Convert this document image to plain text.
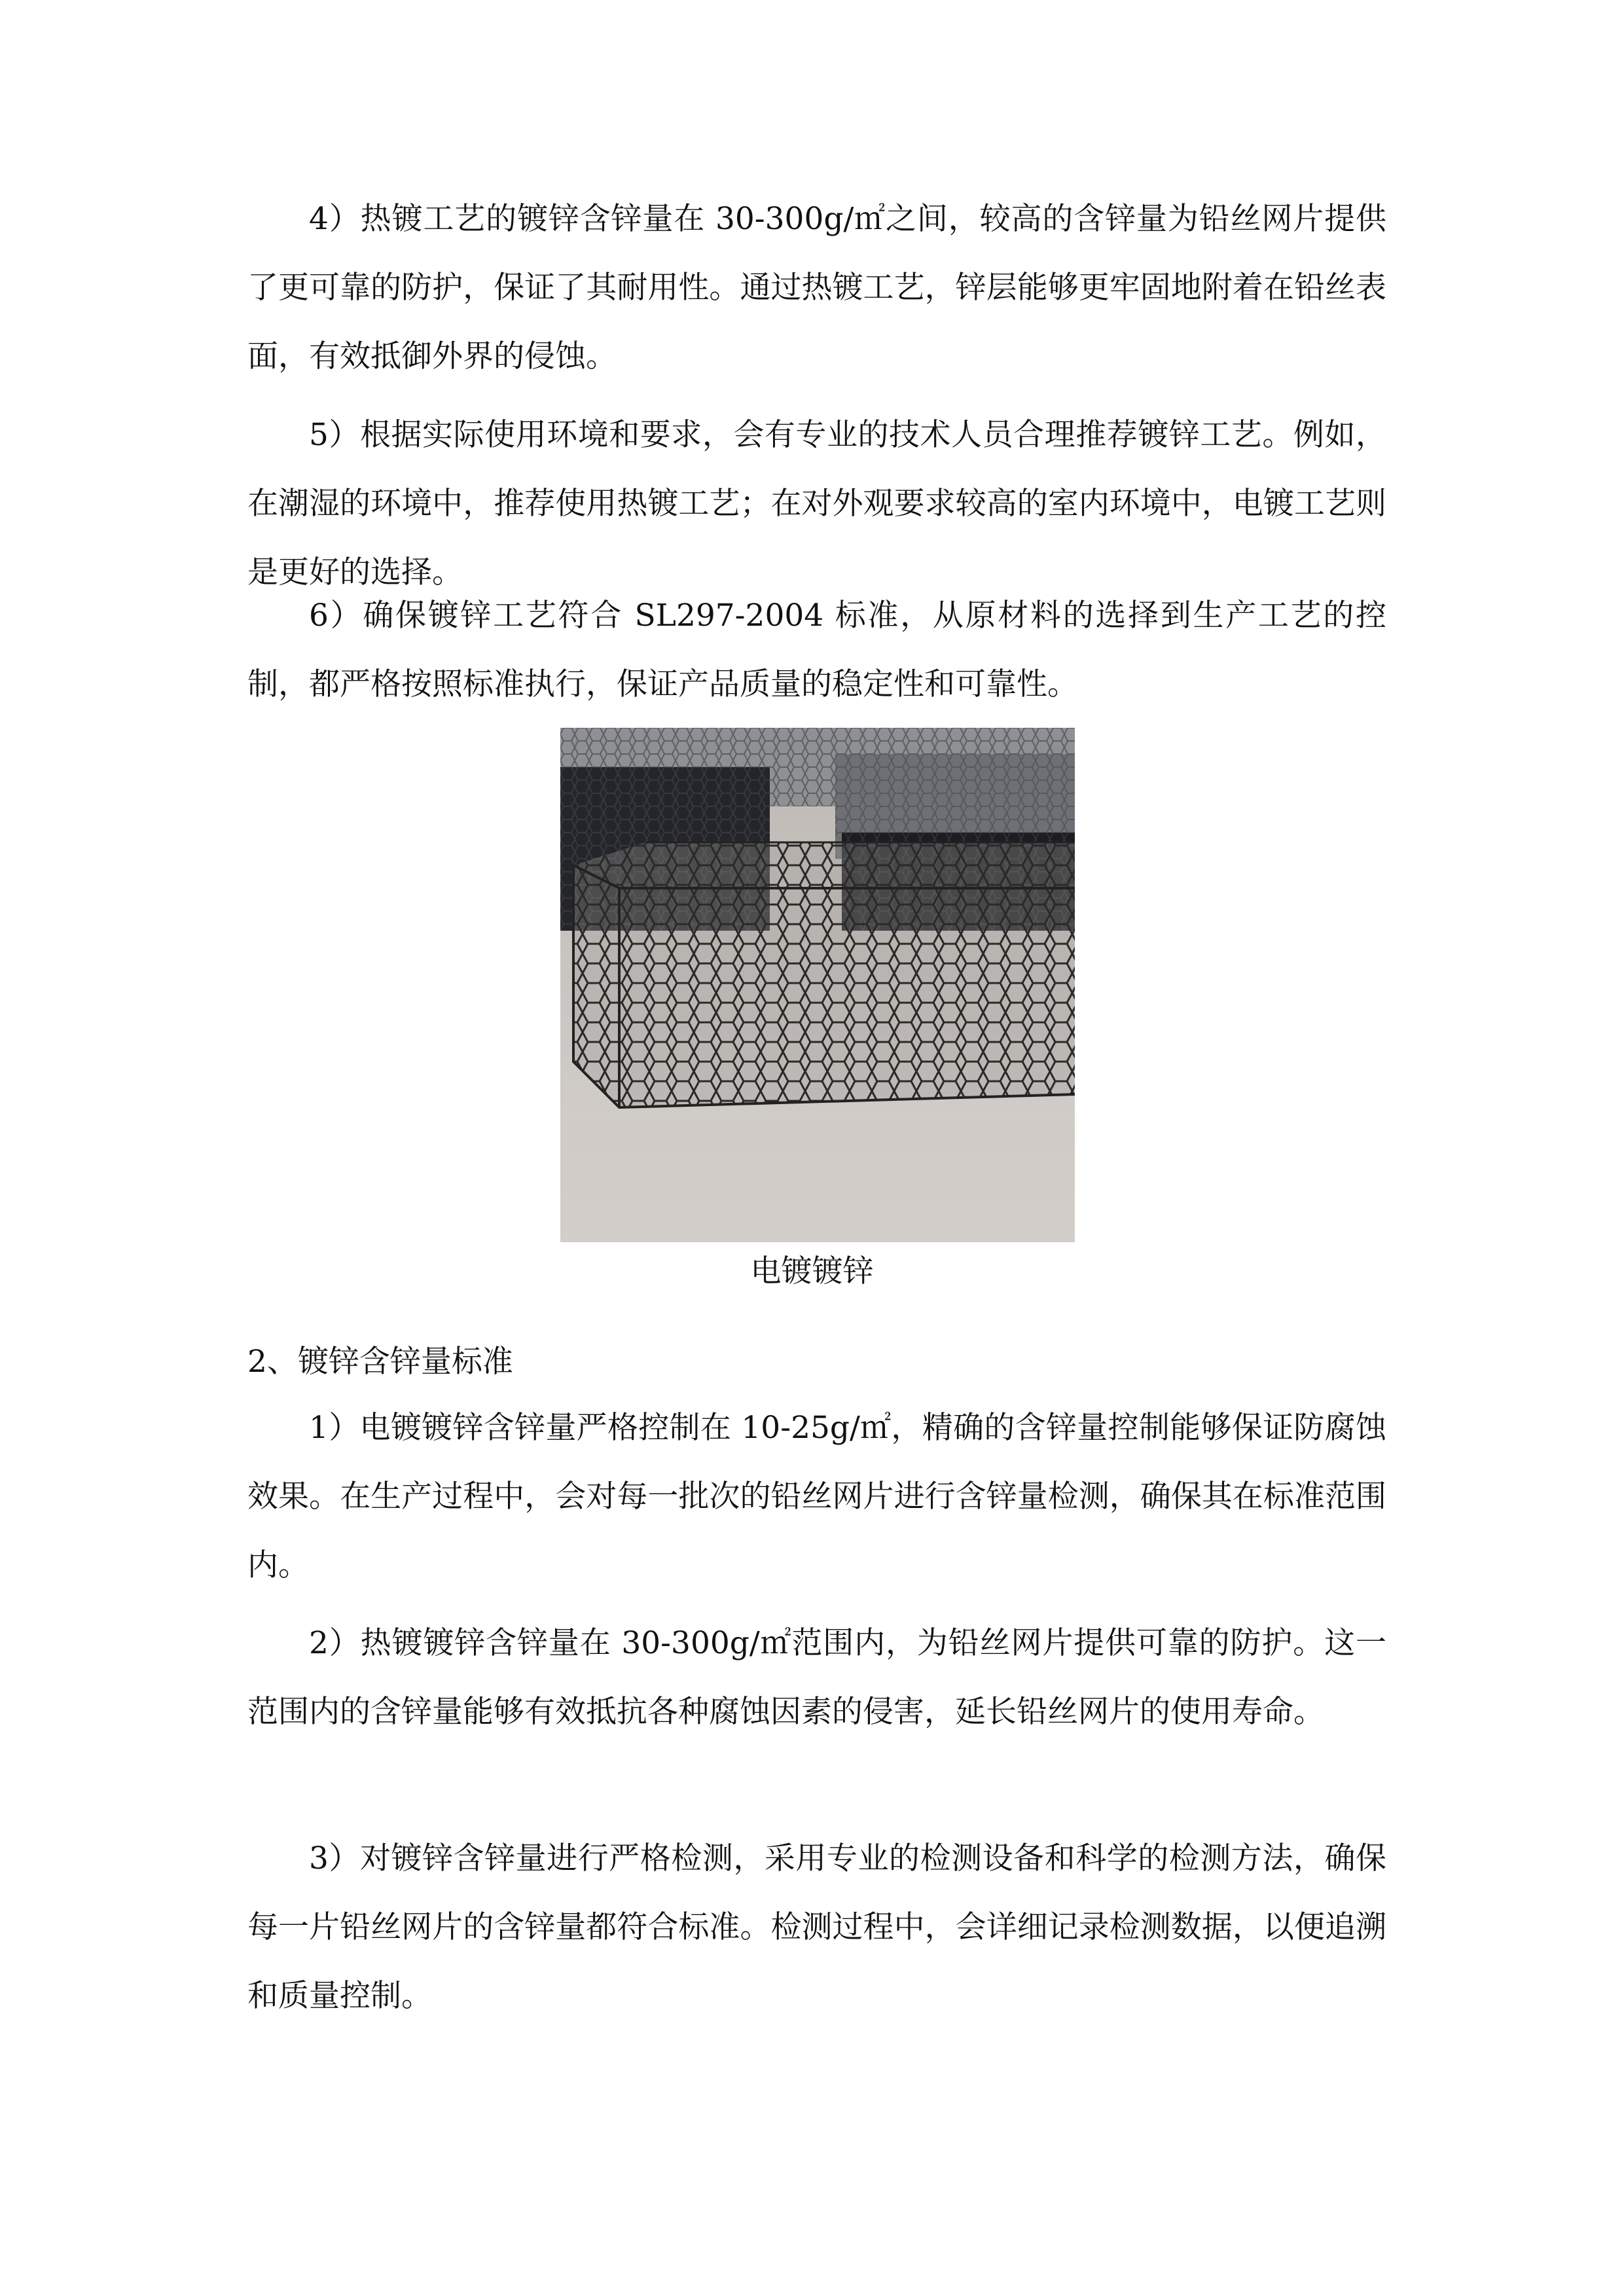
4）热镀工艺的镀锌含锌量在 30-300g/㎡之间，较高的含锌量为铅丝网片提供了更可靠的防护，保证了其耐用性。通过热镀工艺，锌层能够更牢固地附着在铅丝表面，有效抵御外界的侵蚀。

5）根据实际使用环境和要求，会有专业的技术人员合理推荐镀锌工艺。例如，在潮湿的环境中，推荐使用热镀工艺；在对外观要求较高的室内环境中，电镀工艺则是更好的选择。

6）确保镀锌工艺符合 SL297-2004 标准，从原材料的选择到生产工艺的控制，都严格按照标准执行，保证产品质量的稳定性和可靠性。

电镀镀锌

2、镀锌含锌量标准

1）电镀镀锌含锌量严格控制在 10-25g/㎡，精确的含锌量控制能够保证防腐蚀效果。在生产过程中，会对每一批次的铅丝网片进行含锌量检测，确保其在标准范围内。

2）热镀镀锌含锌量在 30-300g/㎡范围内，为铅丝网片提供可靠的防护。这一范围内的含锌量能够有效抵抗各种腐蚀因素的侵害，延长铅丝网片的使用寿命。

3）对镀锌含锌量进行严格检测，采用专业的检测设备和科学的检测方法，确保每一片铅丝网片的含锌量都符合标准。检测过程中，会详细记录检测数据，以便追溯和质量控制。
